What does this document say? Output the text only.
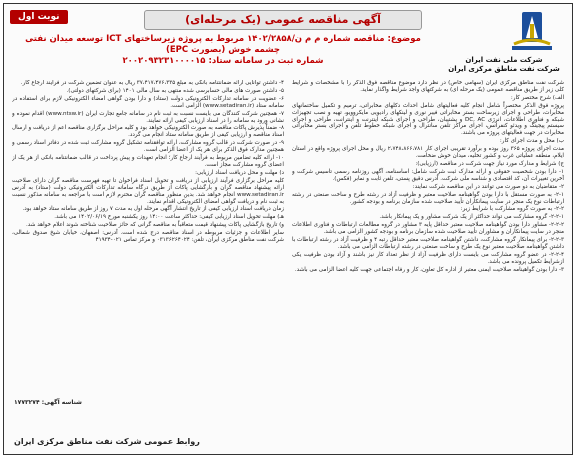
نوبت اول	آگهی مناقصه عمومی (یک مرحله‌ای)
شرکت ملی نفت ایران
شرکت نفت مناطق مرکزی ایران
موضوع: مناقصه شماره م م ن/۱۴۰۲/۲۸۵۸ مربوط به پروژه زیرساختهای ICT توسعه میدان نفتی چشمه خوش (بصورت EPC)
شماره ثبت در سامانه ستاد: ۲۰۰۲۰۹۳۲۳۱۰۰۰۰۱۵

شرکت نفت مناطق مرکزی ایران (سهامی خاص) در نظر دارد موضوع مناقصه فوق الذکر را با مشخصات و شرایط کلی زیر از طریق مناقصه عمومی (یک مرحله ای) به شرکتهای واجد شرایط واگذار نماید.

الف) شرح مختصر کار:

پروژه فوق الذکر مختصراً شامل انجام کلیه فعالیتهای شامل احداث دکلهای مخابراتی، ترمیم و تکمیل ساختمانهای مخابرات، طراحی و اجرای زیرساخت بستر مخابراتی فیبر نوری و لینکهای رادیویی مایکروویو، تهیه و نصب تجهیزات شبکه و فناوری اطلاعات، انرژی DC, AC و پشتیبان، طراحی و اجرای شبکه اینترنت و اینترانت، طراحی و اجرای سیستم پیجینگ و ویدئو کنفرانس، اجرای مراکز تلفن سانترال و اجرای شبکه خطوط تلفن و اجرای بستر مخابراتی مخابرات در جهت فعالیتهای پروژه می باشند.

ب) محل و مدت اجرای کار:

مدت اجرای پروژه ۳۶۵ روز بوده و برآورد تقریبی اجرای کار ۲،۷۴۸،۸۶۶،۷۸۱ ریال و محل اجرای پروژه واقع در استان ایلام، منطقه عملیاتی غرب و کشور تخلیه، میدان خوش ضخامت.

ج) شرایط و مدارک مورد نیاز جهت شرکت در مناقصه (ارزیابی):

۱- دارا بودن شخصیت حقوقی و ارائه مدارک ثبت شرکت شامل: اساسنامه، آگهی روزنامه رسمی تاسیس شرکت و آخرین تغییرات آن، کد اقتصادی و شناسه ملی شرکت. آدرس دقیق پستی، تلفن ثابت و نمابر (فکس).

۲- متقاضیان به دو صورت می توانند در این مناقصه شرکت نمایند:

۲-۱- به صورت مستقل با دارا بودن گواهینامه صلاحیت معتبر و ظرفیت آزاد در رشته طرح و ساخت صنعتی در رشته ارتباطات نوع یک منجر در سایت پیمانکاران تأیید صلاحیت شده سازمان برنامه و بودجه کشور.

۲-۲- به صورت گروه مشارکت با شرایط زیر:

۲-۲-۱- گروه مشارکت می تواند حداکثر از یک شرکت مشاور و یک پیمانکار باشد.

۲-۲-۲- مشاور دارا بودن گواهینامه صلاحیت معتبر حداقل پایه ۳ مشاور در گروه مطالعات ارتباطات و فناوری اطلاعات منجر در سایت پیمانکاران و مشاوران تأیید صلاحیت شده سازمان برنامه و بودجه کشور الزامی می باشد.

۲-۲-۳- برای پیمانکار گروه مشارکت، داشتن گواهینامه صلاحیت معتبر حداقل رتبه ۴ و ظرفیت آزاد در رشته ارتباطات با داشتن گواهینامه صلاحیت معتبر نوع یک طرح و ساخت صنعتی در رشته ارتباطات الزامی می باشد.

۲-۲-۴- در عضو گروه مشارکت می بایست دارای ظرفیت آزاد از نظر تعداد کار نیز باشند و آزاد بودن ظرفیت یکی ازشرایط تکمیل پرونده می باشد.

۳- دارا بودن گواهینامه صلاحیت ایمنی معتبر از اداره کل تعاون، کار و رفاه اجتماعی جهت کلیه اعضا الزامی می باشد.

۴- داشتن توانایی ارائه ضمانتنامه بانکی به مبلغ ۳۷،۴۱۷،۴۷۶،۳۳۵ ریال به عنوان تضمین شرکت در فرآیند ارجاع کار.

۵- داشتن صورت های مالی حسابرسی شده منتهی به سال مالی ۱۴۰۱ (برای شرکتهای دولتی).

۶- عضویت در سامانه تدارکات الکترونیکی دولت (ستاد) و دارا بودن گواهی امضاء الکترونیکی لازم برای استفاده در سامانه ستاد (www.setadiran.ir) الزامی است.

۷- همچنین شرکت کنندگان می بایست نسبت به ثبت نام در سامانه جامع تجارت ایران (www.ntsw.ir) اقدام نموده و نشانی ورود به سامانه را در اسناد ارزیابی کیفی ارائه نمایند.

۸- ضمناً پذیرش پاکات مناقصه به صورت الکترونیکی خواهد بود و کلیه مراحل برگزاری مناقصه اعم از دریافت و ارسال اسناد مناقصه و ارزیابی کیفی از طریق سامانه ستاد انجام می گردد.

۹- در صورت شرکت در قالب گروه مشارکت، ارائه توافقنامه تشکیل گروه مشارکت ثبت شده در دفاتر اسناد رسمی و همچنین مدارک فوق الذکر برای هر یک از اعضا الزامی است.

۱۰- ارائه کلیه تضامین مربوط به فرآیند ارجاع کار؛ انجام تعهدات و پیش پرداخت در قالب ضمانتنامه بانکی از هر یک از اعضای گروه مشارکت مجاز است.

د) مهلت و محل دریافت اسناد ارزیابی:

کلیه مراحل برگزاری فرآیند ارزیابی از دریافت و تحویل اسناد فراخوان تا تهیه فهرست مناقصه گران دارای صلاحیت ارائه پیشنهاد مناقصه گران و بارگشایی پاکات از طریق درگاه سامانه تدارکات الکترونیکی دولت (ستاد) به آدرس www.setadiran.ir انجام خواهد شد. بدین منظور مناقصه گران محترم لازم است با مراجعه به سامانه مذکور نسبت به ثبت نام و دریافت گواهی امضای الکترونیکی اقدام نمایند.

زمان دریافت اسناد ارزیابی کیفی از تاریخ انتشار آگهی مرحله اول به مدت ۷ روز از طریق سامانه ستاد خواهد بود.

هـ) مهلت تحویل اسناد ارزیابی کیفی: حداکثر ساعت ۱۴:۰۰ روز یکشنبه مورخ ۱۴۰۲/۰۶/۱۹ می باشد.

و) تاریخ بازگشایی پاکات پیشنهاد قیمت متعاقباً به مناقصه گرانی که حائز صلاحیت شناخته شوند اعلام خواهد شد.

سایر اطلاعات و جزئیات مربوطه در اسناد مناقصه درج شده است. آدرس: اصفهان، خیابان شیخ صدوق شمالی، شرکت نفت مناطق مرکزی ایران، تلفن: ۰۳۱۳۶۲۶۴۰۲۴ و مرکز تماس ۰۲۱-۴۱۹۳۴

شناسه آگهی: ۱۷۷۳۲۷۴
روابط عمومی شرکت نفت مناطق مرکزی ایران
